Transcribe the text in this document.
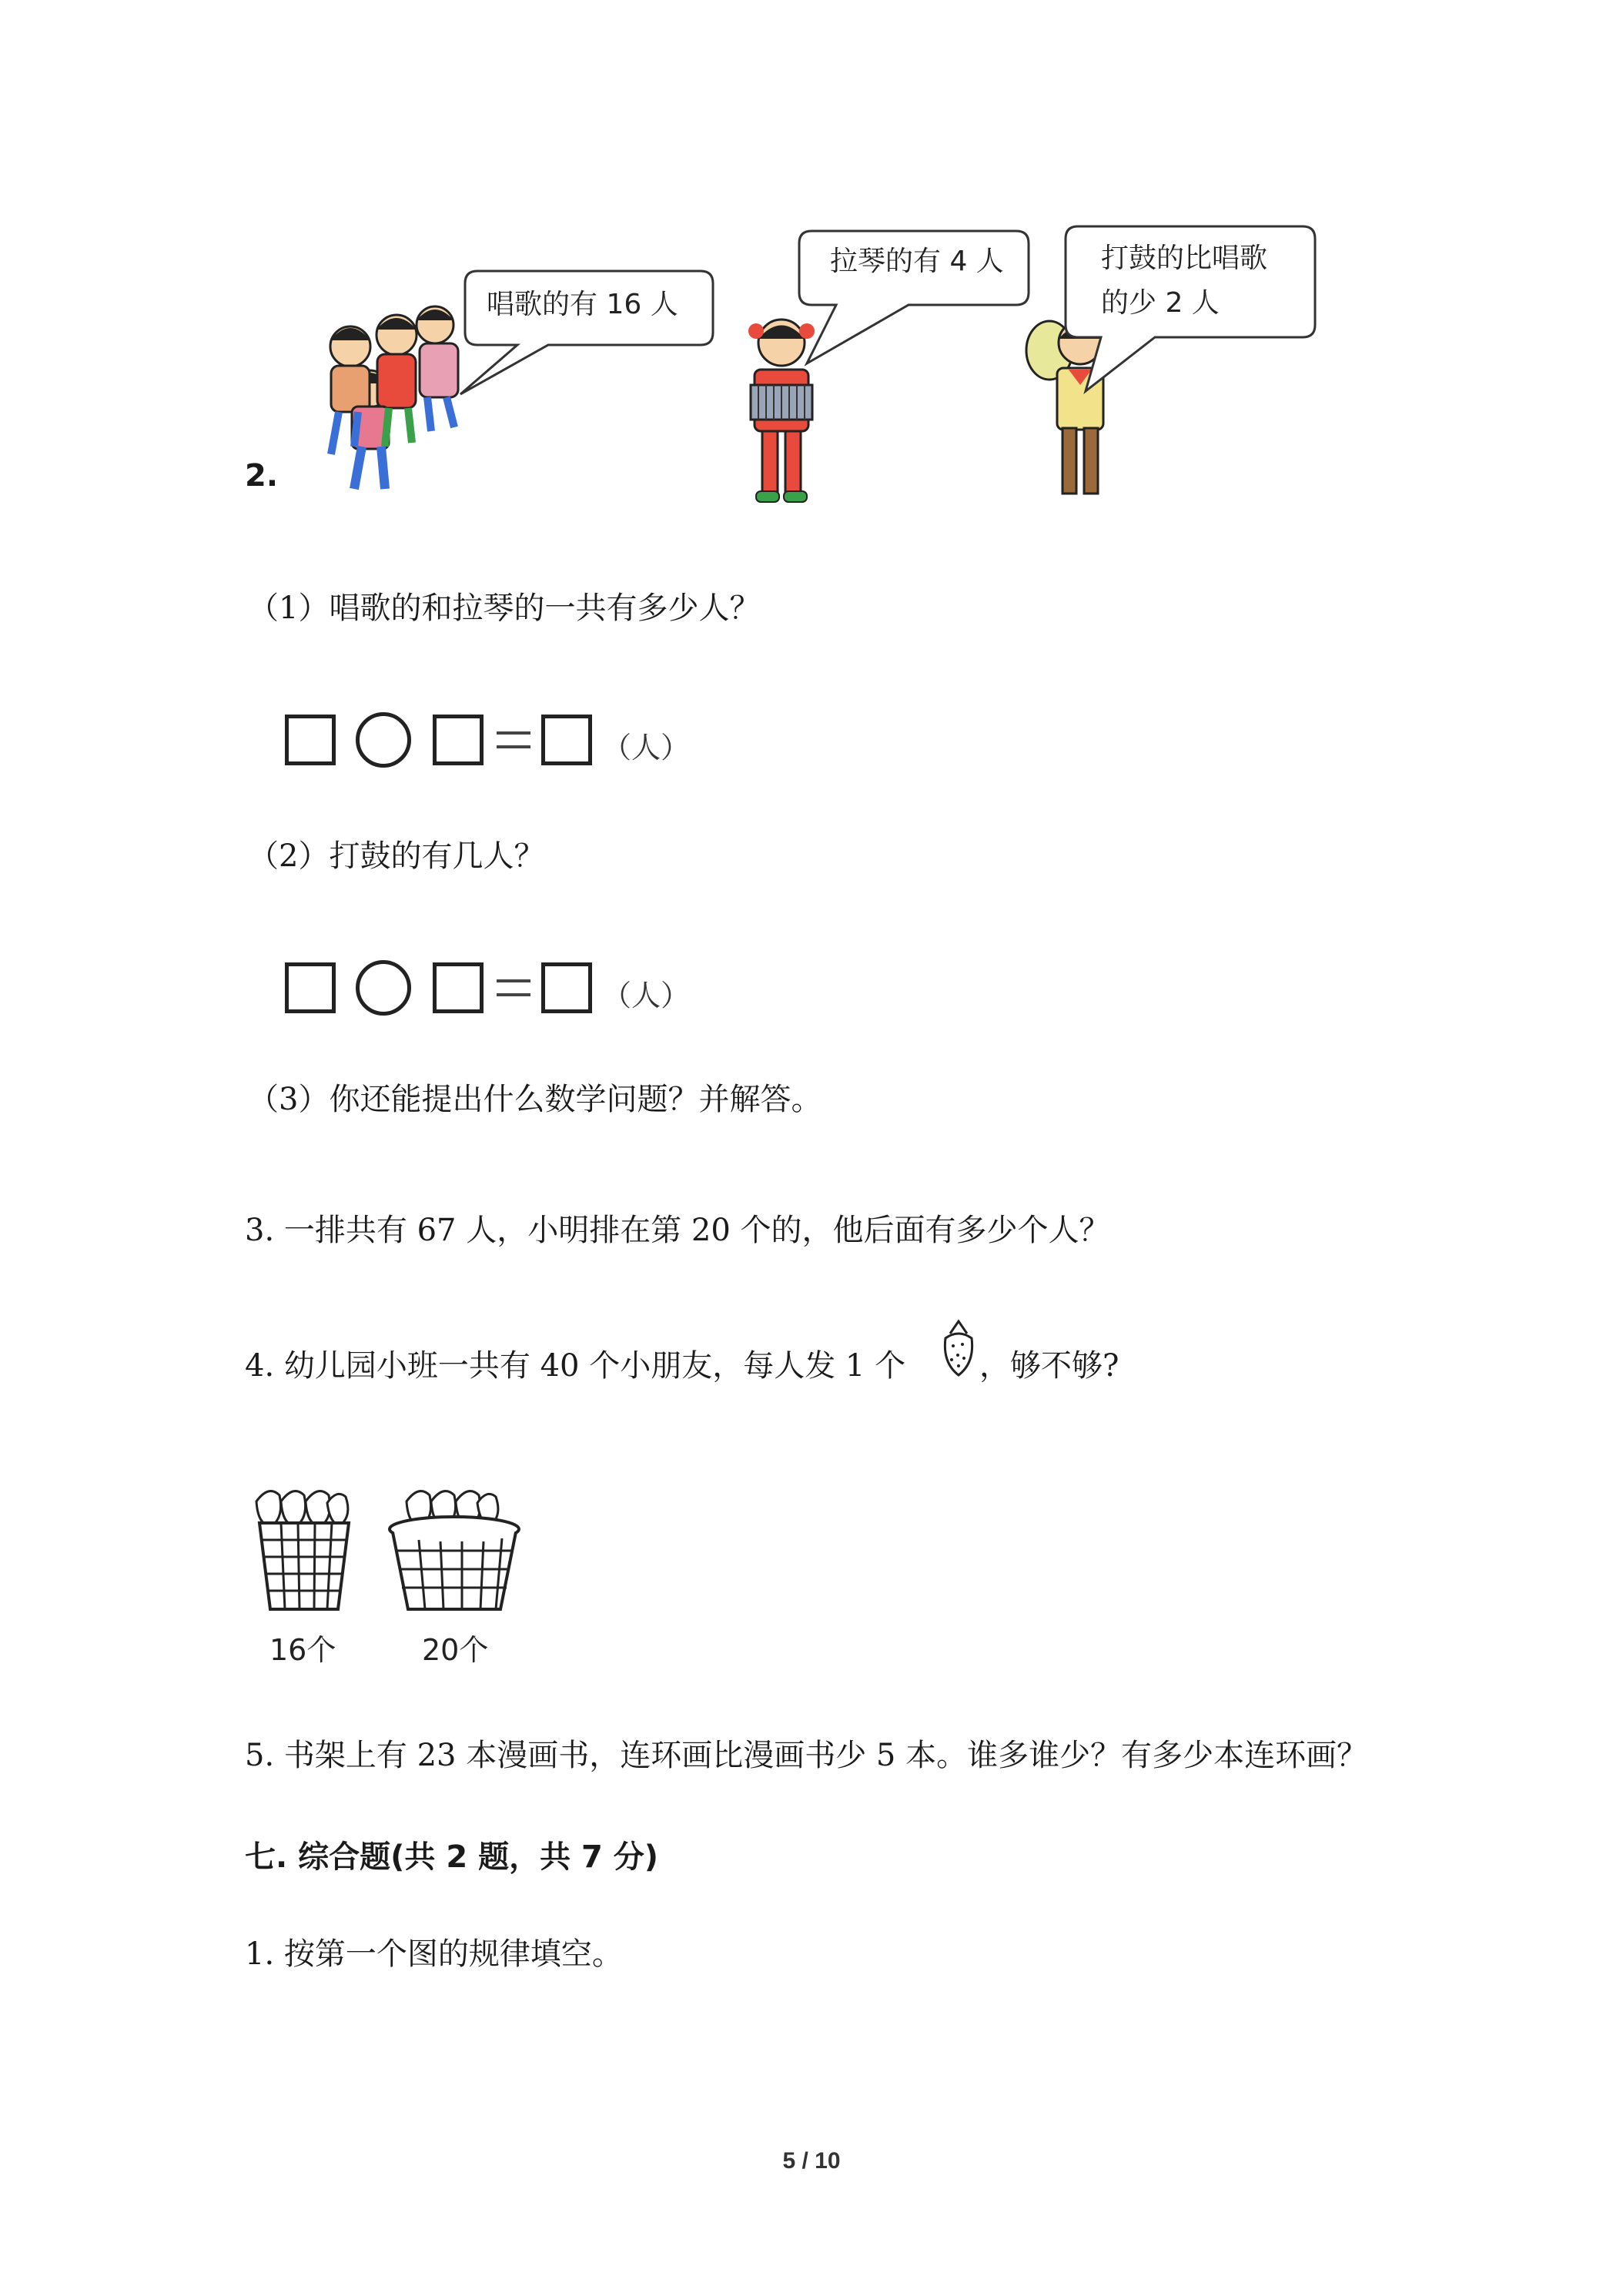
2.
唱歌的有 16 人
拉琴的有 4 人	打鼓的比唱歌
的少 2 人
（1）唱歌的和拉琴的一共有多少人？
（人）
（2）打鼓的有几人？
（人）
（3）你还能提出什么数学问题？并解答。
3. 一排共有 67 人，小明排在第 20 个的，他后面有多少个人？
4. 幼儿园小班一共有 40 个小朋友，每人发 1 个 ，够不够?
16个	20个
5. 书架上有 23 本漫画书，连环画比漫画书少 5 本。谁多谁少？有多少本连环画？
七. 综合题(共 2 题，共 7 分)
1. 按第一个图的规律填空。
5 / 10
